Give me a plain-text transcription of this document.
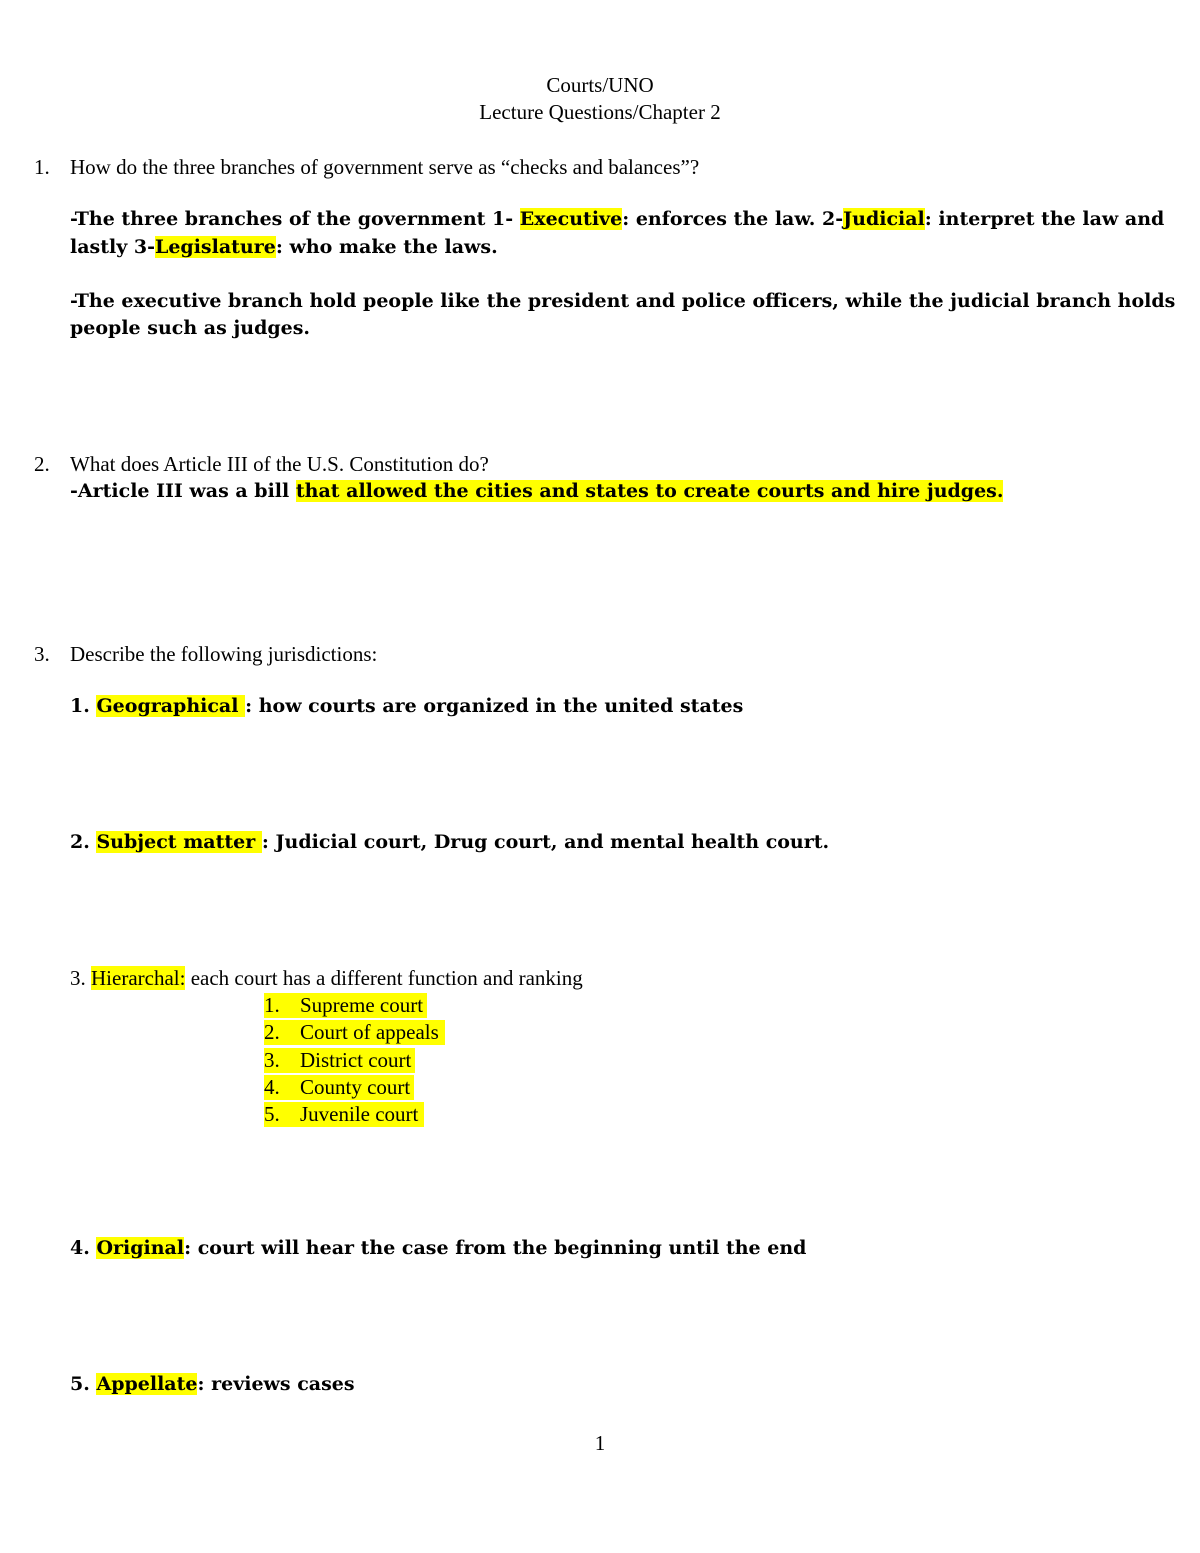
Courts/UNO
Lecture Questions/Chapter 2
1. How do the three branches of government serve as “checks and balances”?
-The three branches of the government 1- Executive: enforces the law. 2-Judicial: interpret the law and
lastly 3-Legislature: who make the laws.
-The executive branch hold people like the president and police officers, while the judicial branch holds
people such as judges.
2. What does Article III of the U.S. Constitution do?
-Article III was a bill that allowed the cities and states to create courts and hire judges.
3. Describe the following jurisdictions:
1. Geographical : how courts are organized in the united states
2. Subject matter : Judicial court, Drug court, and mental health court.
3. Hierarchal: each court has a different function and ranking
1. Supreme court
2. Court of appeals
3. District court
4. County court
5. Juvenile court
4. Original: court will hear the case from the beginning until the end
5. Appellate: reviews cases
1
